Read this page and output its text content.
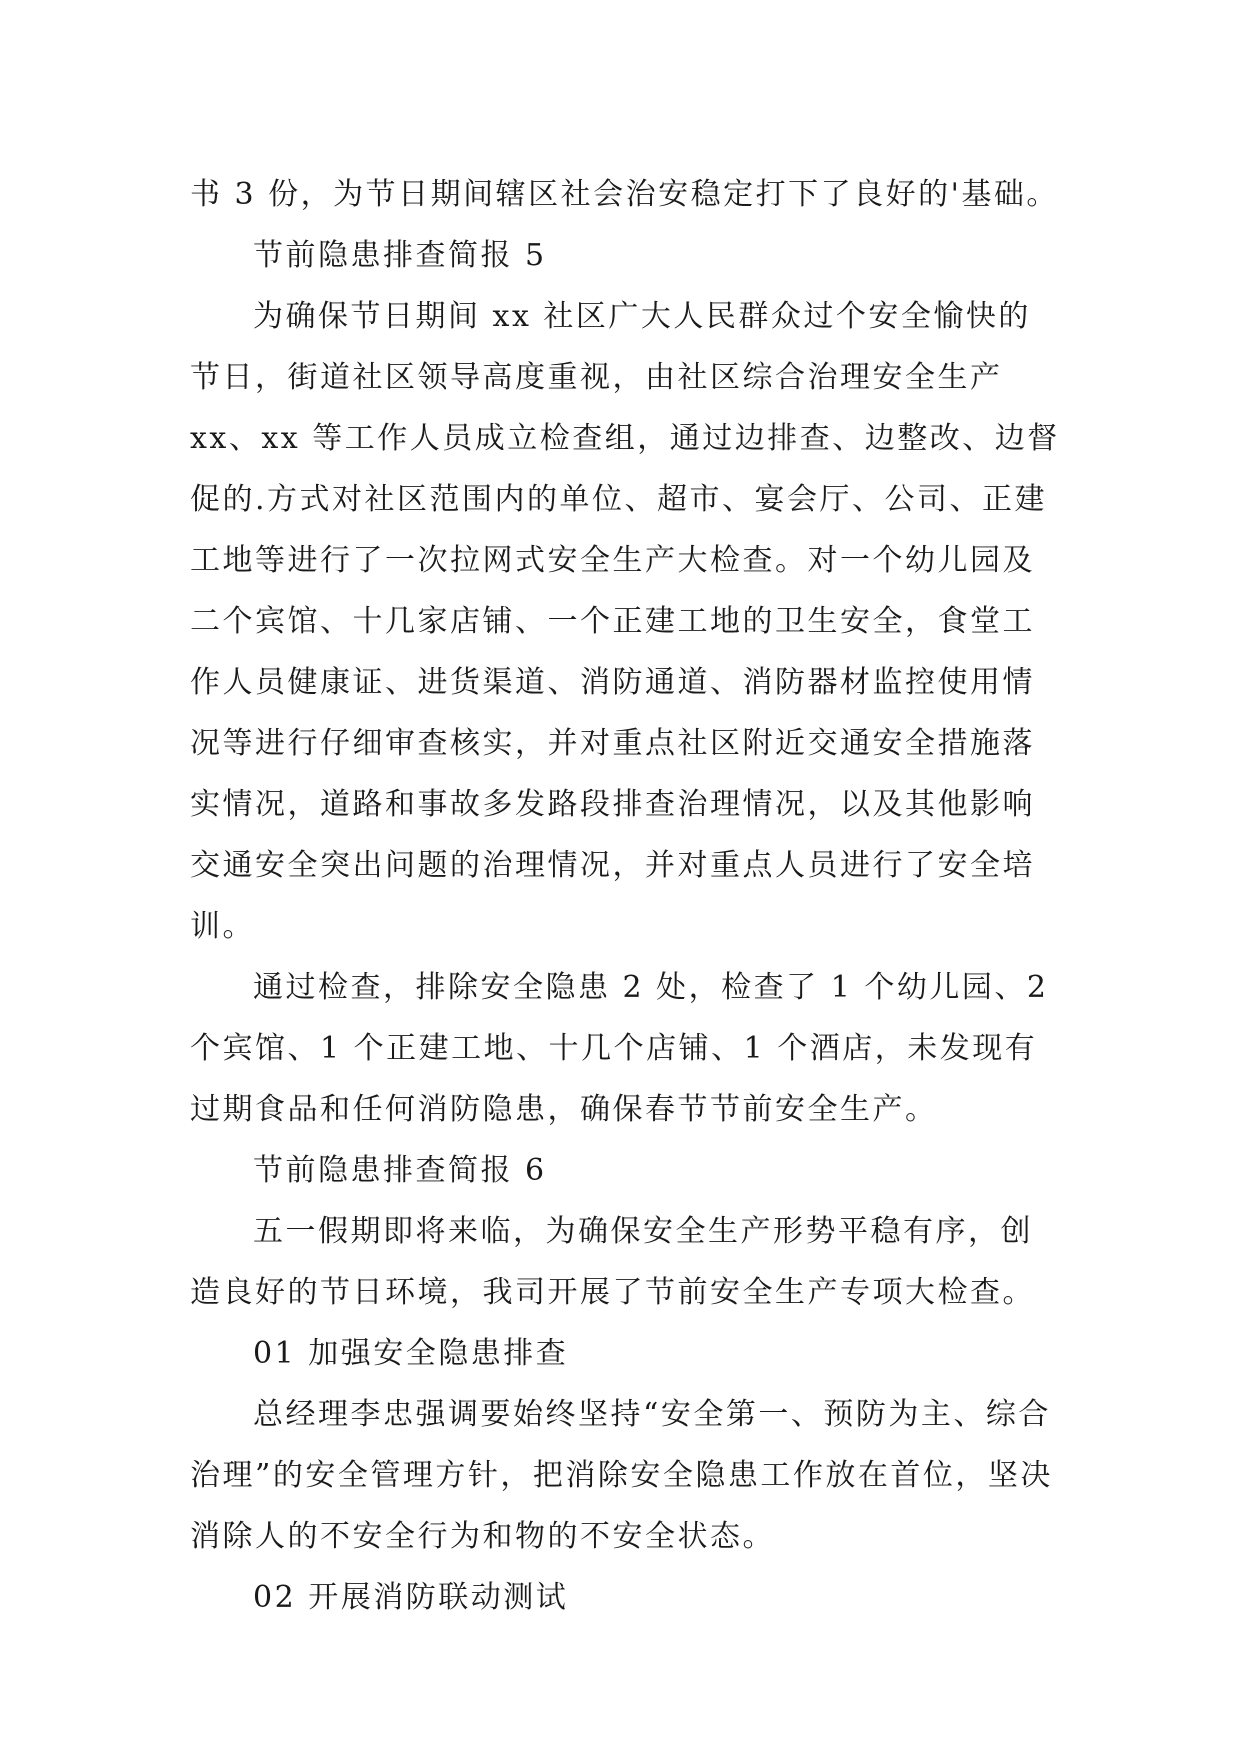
书 3 份，为节日期间辖区社会治安稳定打下了良好的'基础。

节前隐患排查简报 5

为确保节日期间 xx 社区广大人民群众过个安全愉快的节日，街道社区领导高度重视，由社区综合治理安全生产 xx、xx 等工作人员成立检查组，通过边排查、边整改、边督促的.方式对社区范围内的单位、超市、宴会厅、公司、正建工地等进行了一次拉网式安全生产大检查。对一个幼儿园及二个宾馆、十几家店铺、一个正建工地的卫生安全，食堂工作人员健康证、进货渠道、消防通道、消防器材监控使用情况等进行仔细审查核实，并对重点社区附近交通安全措施落实情况，道路和事故多发路段排查治理情况，以及其他影响交通安全突出问题的治理情况，并对重点人员进行了安全培训。

通过检查，排除安全隐患 2 处，检查了 1 个幼儿园、2 个宾馆、1 个正建工地、十几个店铺、1 个酒店，未发现有过期食品和任何消防隐患，确保春节节前安全生产。

节前隐患排查简报 6

五一假期即将来临，为确保安全生产形势平稳有序，创造良好的节日环境，我司开展了节前安全生产专项大检查。

01 加强安全隐患排查

总经理李忠强调要始终坚持“安全第一、预防为主、综合治理”的安全管理方针，把消除安全隐患工作放在首位，坚决消除人的不安全行为和物的不安全状态。

02 开展消防联动测试
